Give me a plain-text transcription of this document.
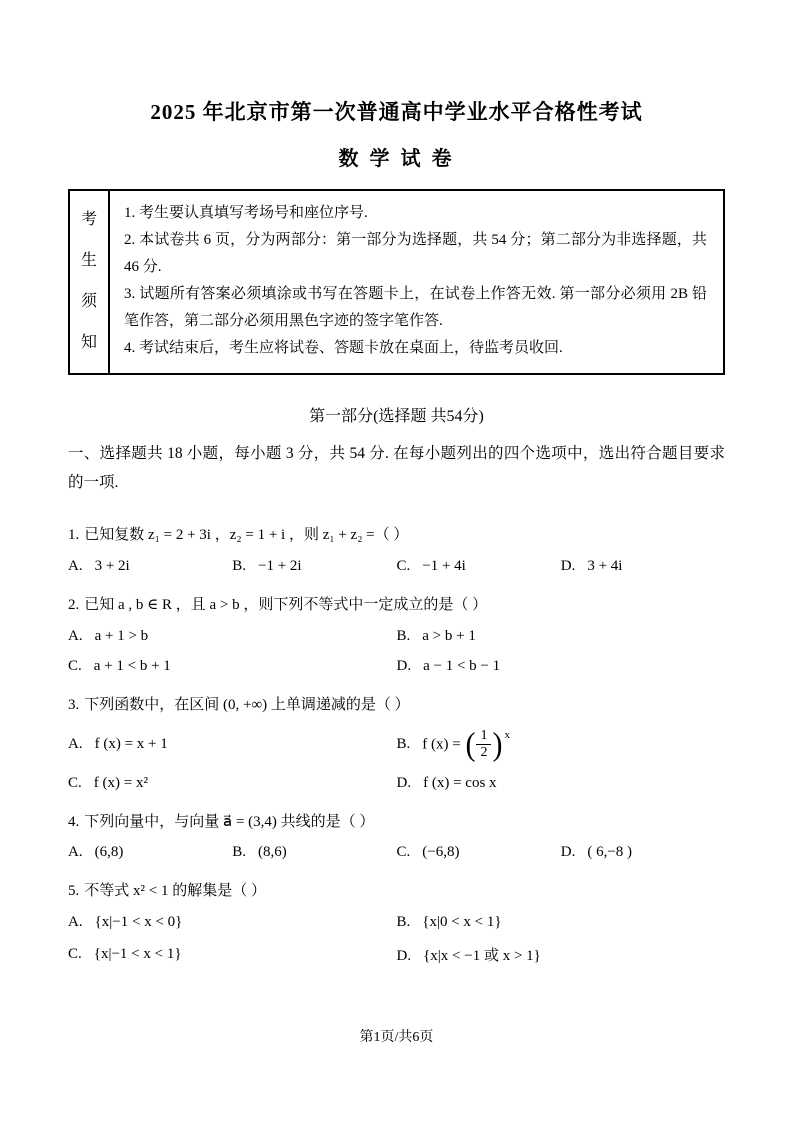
2025 年北京市第一次普通高中学业水平合格性考试
数 学 试 卷
考生须知

1. 考生要认真填写考场号和座位序号.

2. 本试卷共 6 页，分为两部分：第一部分为选择题，共 54 分；第二部分为非选择题，共 46 分.

3. 试题所有答案必须填涂或书写在答题卡上，在试卷上作答无效. 第一部分必须用 2B 铅笔作答，第二部分必须用黑色字迹的签字笔作答.

4. 考试结束后，考生应将试卷、答题卡放在桌面上，待监考员收回.

第一部分(选择题 共54分)

一、选择题共 18 小题，每小题 3 分，共 54 分. 在每小题列出的四个选项中，选出符合题目要求的一项.

1. 已知复数 z₁ = 2 + 3i ，z₂ = 1 + i ，则 z₁ + z₂ =（ ）

A. 3 + 2i	B. −1 + 2i	C. −1 + 4i	D. 3 + 4i

2. 已知 a , b ∈ R ，且 a > b ，则下列不等式中一定成立的是（ ）

A. a + 1 > b	B. a > b + 1
C. a + 1 < b + 1	D. a − 1 < b − 1

3. 下列函数中，在区间 (0, +∞) 上单调递减的是（ ）

A. f (x) = x + 1	B. f (x) = ( $\frac{1}{2}$ ) $^x$
C. f (x) = x²	D. f (x) = cos x

4. 下列向量中，与向量 a⃗ = (3,4) 共线的是（ ）

A. (6,8)	B. (8,6)	C. (−6,8)	D. ( 6,−8 )

5. 不等式 x² < 1 的解集是（ ）

A. {x|−1 < x < 0}	B. {x|0 < x < 1}
C. {x|−1 < x < 1}	D. {x|x < −1 或 x > 1}
第1页/共6页
